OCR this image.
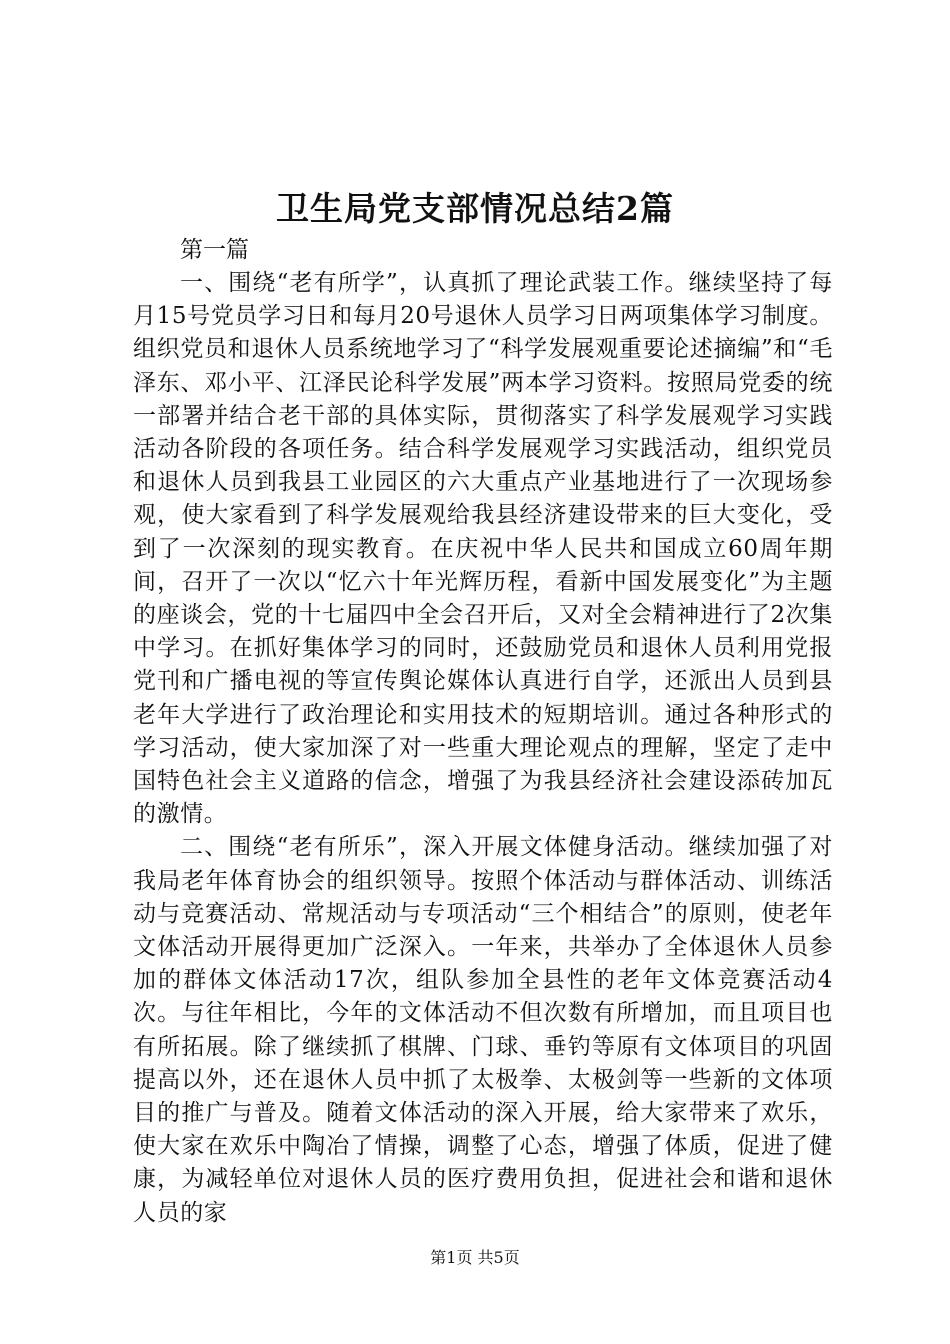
卫生局党支部情况总结2篇

第一篇

一、围绕“老有所学”，认真抓了理论武装工作。继续坚持了每月15号党员学习日和每月20号退休人员学习日两项集体学习制度。组织党员和退休人员系统地学习了“科学发展观重要论述摘编”和“毛泽东、邓小平、江泽民论科学发展”两本学习资料。按照局党委的统一部署并结合老干部的具体实际，贯彻落实了科学发展观学习实践活动各阶段的各项任务。结合科学发展观学习实践活动，组织党员和退休人员到我县工业园区的六大重点产业基地进行了一次现场参观，使大家看到了科学发展观给我县经济建设带来的巨大变化，受到了一次深刻的现实教育。在庆祝中华人民共和国成立60周年期间，召开了一次以“忆六十年光辉历程，看新中国发展变化”为主题的座谈会，党的十七届四中全会召开后，又对全会精神进行了2次集中学习。在抓好集体学习的同时，还鼓励党员和退休人员利用党报党刊和广播电视的等宣传舆论媒体认真进行自学，还派出人员到县老年大学进行了政治理论和实用技术的短期培训。通过各种形式的学习活动，使大家加深了对一些重大理论观点的理解，坚定了走中国特色社会主义道路的信念，增强了为我县经济社会建设添砖加瓦的激情。

二、围绕“老有所乐”，深入开展文体健身活动。继续加强了对我局老年体育协会的组织领导。按照个体活动与群体活动、训练活动与竞赛活动、常规活动与专项活动“三个相结合”的原则，使老年文体活动开展得更加广泛深入。一年来，共举办了全体退休人员参加的群体文体活动17次，组队参加全县性的老年文体竞赛活动4次。与往年相比，今年的文体活动不但次数有所增加，而且项目也有所拓展。除了继续抓了棋牌、门球、垂钓等原有文体项目的巩固提高以外，还在退休人员中抓了太极拳、太极剑等一些新的文体项目的推广与普及。随着文体活动的深入开展，给大家带来了欢乐，使大家在欢乐中陶冶了情操，调整了心态，增强了体质，促进了健康，为减轻单位对退休人员的医疗费用负担，促进社会和谐和退休人员的家

第1页 共5页
